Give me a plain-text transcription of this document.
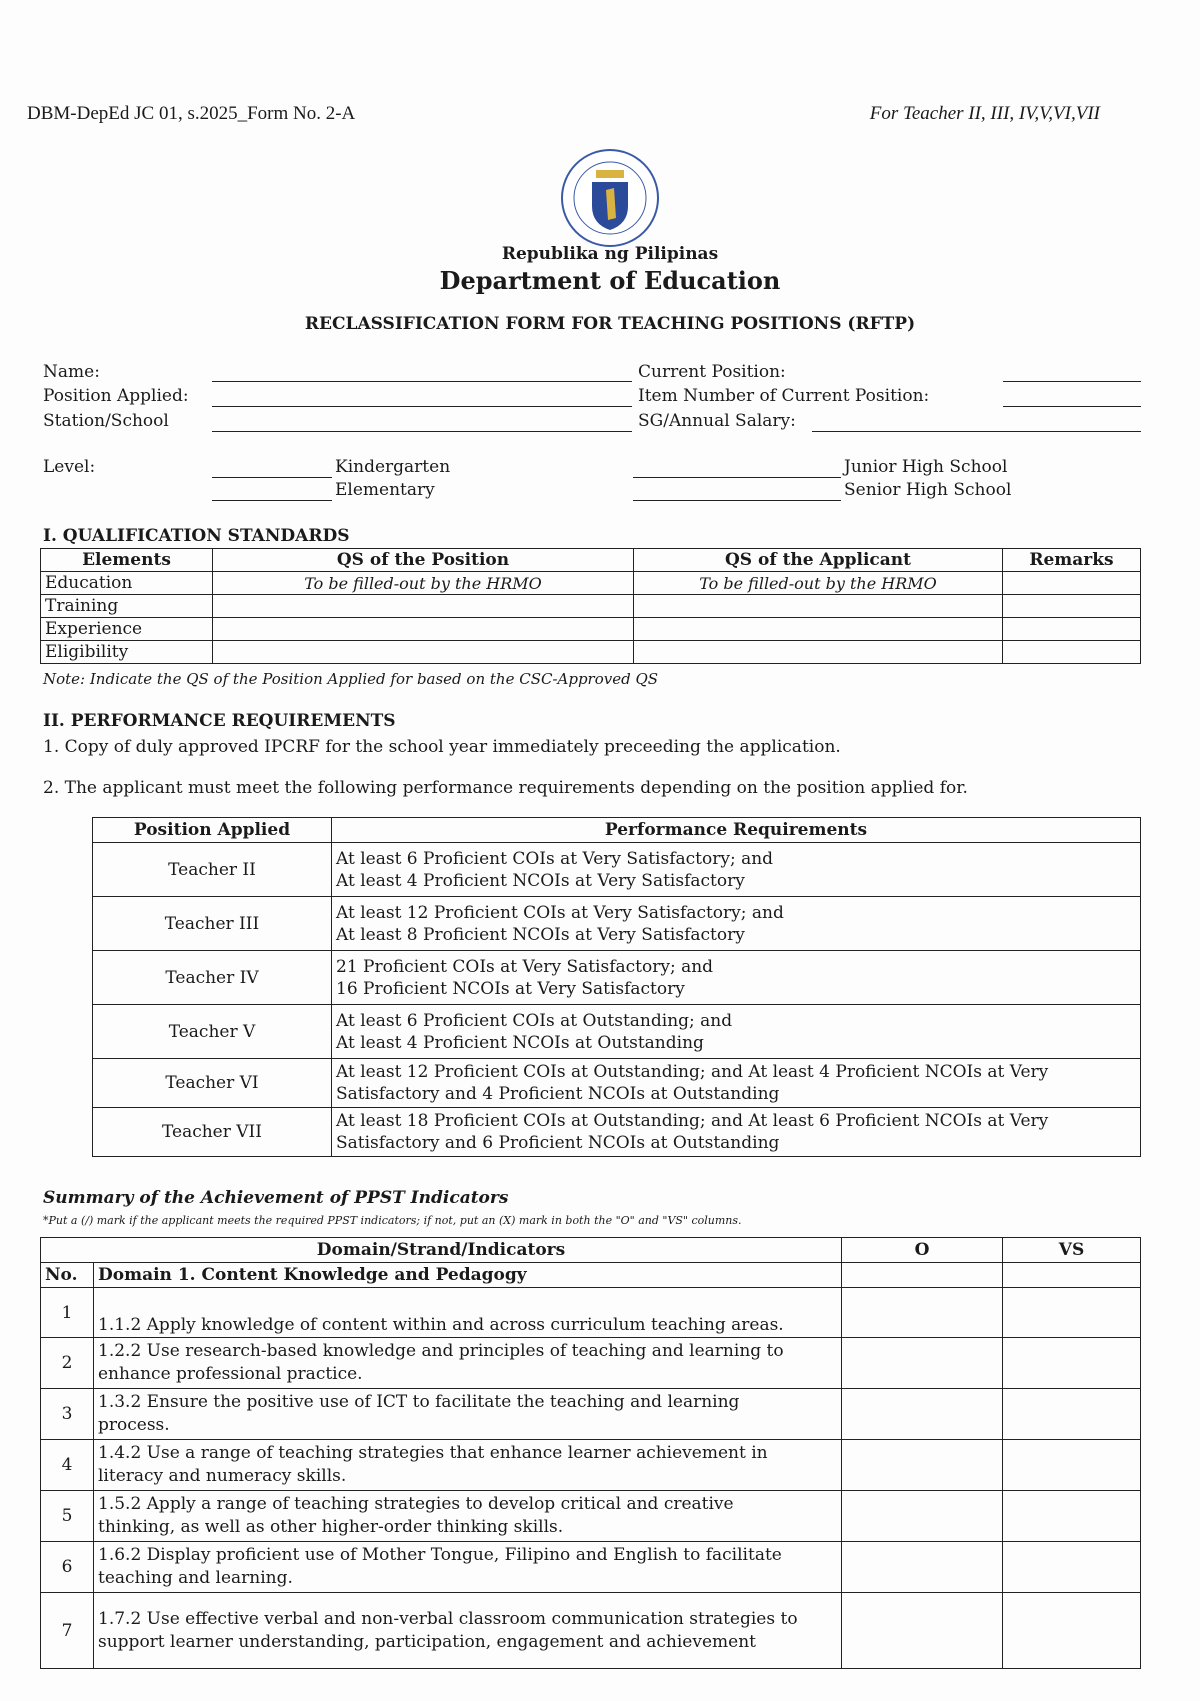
DBM-DepEd JC 01, s.2025_Form No. 2-A	For Teacher II, III, IV,V,VI,VII
Republika ng Pilipinas
Department of Education
RECLASSIFICATION FORM FOR TEACHING POSITIONS (RFTP)
Name:
Position Applied:
Station/School
Current Position:
Item Number of Current Position:
SG/Annual Salary:
Level:	Kindergarten
Elementary
Junior High School
Senior High School
I. QUALIFICATION STANDARDS
Elements	QS of the Position	QS of the Applicant	Remarks
Education	To be filled-out by the HRMO	To be filled-out by the HRMO	
Training			
Experience			
Eligibility			
Note: Indicate the QS of the Position Applied for based on the CSC-Approved QS
II. PERFORMANCE REQUIREMENTS
1. Copy of duly approved IPCRF for the school year immediately preceeding the application.
2. The applicant must meet the following performance requirements depending on the position applied for.
Position Applied	Performance Requirements
Teacher II	At least 6 Proficient COIs at Very Satisfactory; and
At least 4 Proficient NCOIs at Very Satisfactory

Teacher III	At least 12 Proficient COIs at Very Satisfactory; and
At least 8 Proficient NCOIs at Very Satisfactory

Teacher IV	21 Proficient COIs at Very Satisfactory; and
16 Proficient NCOIs at Very Satisfactory

Teacher V	At least 6 Proficient COIs at Outstanding; and
At least 4 Proficient NCOIs at Outstanding

Teacher VI	At least 12 Proficient COIs at Outstanding; and At least 4 Proficient NCOIs at Very
Satisfactory and 4 Proficient NCOIs at Outstanding

Teacher VII	At least 18 Proficient COIs at Outstanding; and At least 6 Proficient NCOIs at Very
Satisfactory and 6 Proficient NCOIs at Outstanding
Summary of the Achievement of PPST Indicators
*Put a (/) mark if the applicant meets the required PPST indicators; if not, put an (X) mark in both the "O" and "VS" columns.
Domain/Strand/Indicators		O	VS
No.	Domain 1. Content Knowledge and Pedagogy		
1	1.1.2 Apply knowledge of content within and across curriculum teaching areas.		

2	1.2.2 Use research-based knowledge and principles of teaching and learning to
enhance professional practice.		

3	1.3.2 Ensure the positive use of ICT to facilitate the teaching and learning
process.		

4	1.4.2 Use a range of teaching strategies that enhance learner achievement in
literacy and numeracy skills.		

5	1.5.2 Apply a range of teaching strategies to develop critical and creative
thinking, as well as other higher-order thinking skills.		

6	1.6.2 Display proficient use of Mother Tongue, Filipino and English to facilitate
teaching and learning.		

7	1.7.2 Use effective verbal and non-verbal classroom communication strategies to
support learner understanding, participation, engagement and achievement		
